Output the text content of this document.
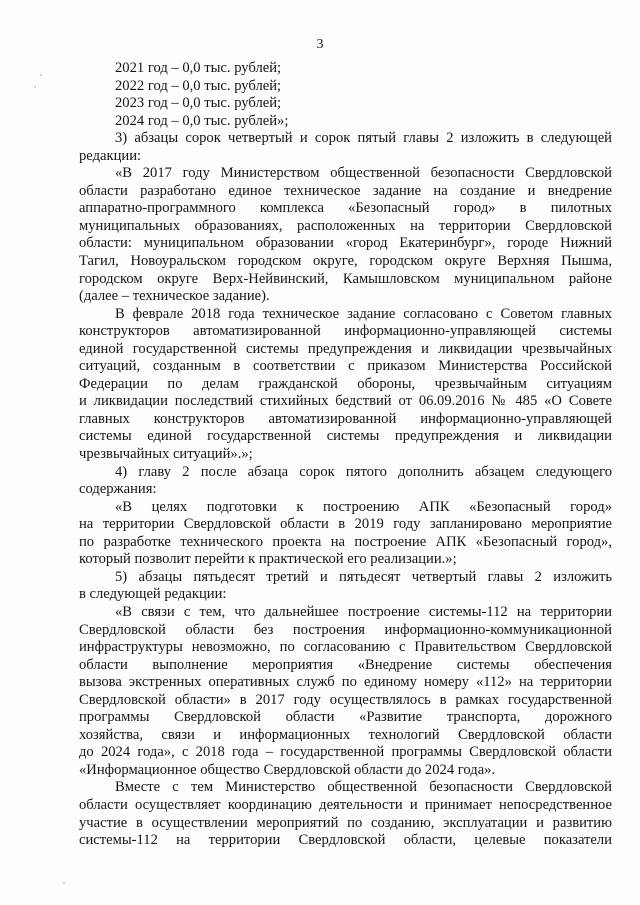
3
2021 год – 0,0 тыс. рублей;
2022 год – 0,0 тыс. рублей;
2023 год – 0,0 тыс. рублей;
2024 год – 0,0 тыс. рублей»;
3) абзацы сорок четвертый и сорок пятый главы 2 изложить в следующей
редакции:
«В 2017 году Министерством общественной безопасности Свердловской
области разработано единое техническое задание на создание и внедрение
аппаратно-программного комплекса «Безопасный город» в пилотных
муниципальных образованиях, расположенных на территории Свердловской
области: муниципальном образовании «город Екатеринбург», городе Нижний
Тагил, Новоуральском городском округе, городском округе Верхняя Пышма,
городском округе Верх-Нейвинский, Камышловском муниципальном районе
(далее – техническое задание).
В феврале 2018 года техническое задание согласовано с Советом главных
конструкторов автоматизированной информационно-управляющей системы
единой государственной системы предупреждения и ликвидации чрезвычайных
ситуаций, созданным в соответствии с приказом Министерства Российской
Федерации по делам гражданской обороны, чрезвычайным ситуациям
и ликвидации последствий стихийных бедствий от 06.09.2016 № 485 «О Совете
главных конструкторов автоматизированной информационно-управляющей
системы единой государственной системы предупреждения и ликвидации
чрезвычайных ситуаций».»;
4) главу 2 после абзаца сорок пятого дополнить абзацем следующего
содержания:
«В целях подготовки к построению АПК «Безопасный город»
на территории Свердловской области в 2019 году запланировано мероприятие
по разработке технического проекта на построение АПК «Безопасный город»,
который позволит перейти к практической его реализации.»;
5) абзацы пятьдесят третий и пятьдесят четвертый главы 2 изложить
в следующей редакции:
«В связи с тем, что дальнейшее построение системы-112 на территории
Свердловской области без построения информационно-коммуникационной
инфраструктуры невозможно, по согласованию с Правительством Свердловской
области выполнение мероприятия «Внедрение системы обеспечения
вызова экстренных оперативных служб по единому номеру «112» на территории
Свердловской области» в 2017 году осуществлялось в рамках государственной
программы Свердловской области «Развитие транспорта, дорожного
хозяйства, связи и информационных технологий Свердловской области
до 2024 года», с 2018 года – государственной программы Свердловской области
«Информационное общество Свердловской области до 2024 года».
Вместе с тем Министерство общественной безопасности Свердловской
области осуществляет координацию деятельности и принимает непосредственное
участие в осуществлении мероприятий по созданию, эксплуатации и развитию
системы-112 на территории Свердловской области, целевые показатели
